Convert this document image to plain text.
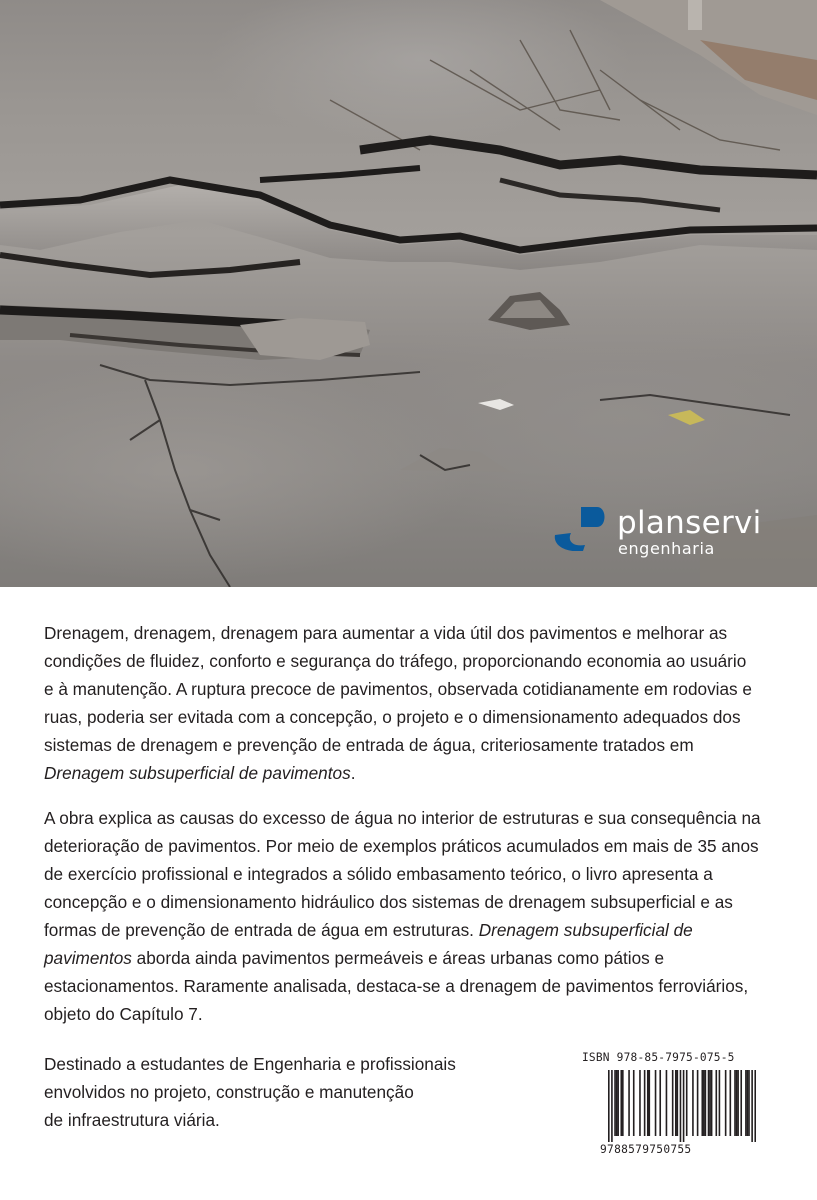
planservi
engenharia
Drenagem, drenagem, drenagem para aumentar a vida útil dos pavimentos e melhorar as
condições de fluidez, conforto e segurança do tráfego, proporcionando economia ao usuário
e à manutenção. A ruptura precoce de pavimentos, observada cotidianamente em rodovias e
ruas, poderia ser evitada com a concepção, o projeto e o dimensionamento adequados dos
sistemas de drenagem e prevenção de entrada de água, criteriosamente tratados em
Drenagem subsuperficial de pavimentos.
A obra explica as causas do excesso de água no interior de estruturas e sua consequência na
deterioração de pavimentos. Por meio de exemplos práticos acumulados em mais de 35 anos
de exercício profissional e integrados a sólido embasamento teórico, o livro apresenta a
concepção e o dimensionamento hidráulico dos sistemas de drenagem subsuperficial e as
formas de prevenção de entrada de água em estruturas. Drenagem subsuperficial de
pavimentos aborda ainda pavimentos permeáveis e áreas urbanas como pátios e
estacionamentos. Raramente analisada, destaca-se a drenagem de pavimentos ferroviários,
objeto do Capítulo 7.
Destinado a estudantes de Engenharia e profissionais
envolvidos no projeto, construção e manutenção
de infraestrutura viária.
ISBN 978-85-7975-075-5
9788579750755
